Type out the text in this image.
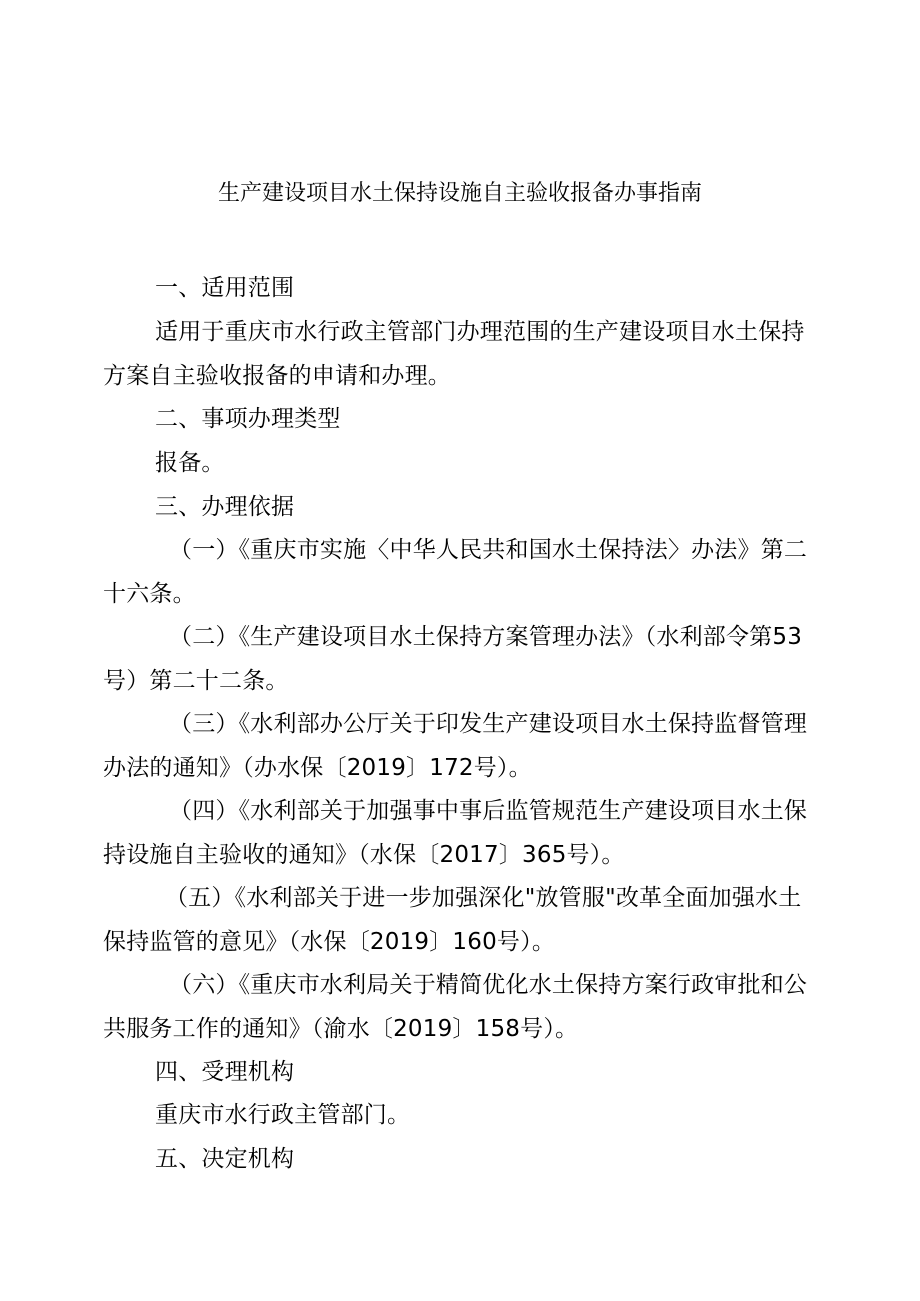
生产建设项目水土保持设施自主验收报备办事指南
一、适用范围
适用于重庆市水行政主管部门办理范围的生产建设项目水土保持
方案自主验收报备的申请和办理。
二、事项办理类型
报备。
三、办理依据
（一）《重庆市实施〈中华人民共和国水土保持法〉办法》第二
十六条。
（二）《生产建设项目水土保持方案管理办法》（水利部令第53
号）第二十二条。
（三）《水利部办公厅关于印发生产建设项目水土保持监督管理
办法的通知》（办水保〔2019〕172号）。
（四）《水利部关于加强事中事后监管规范生产建设项目水土保
持设施自主验收的通知》（水保〔2017〕365号）。
（五）《水利部关于进一步加强深化"放管服"改革全面加强水土
保持监管的意见》（水保〔2019〕160号）。
（六）《重庆市水利局关于精简优化水土保持方案行政审批和公
共服务工作的通知》（渝水〔2019〕158号）。
四、受理机构
重庆市水行政主管部门。
五、决定机构
